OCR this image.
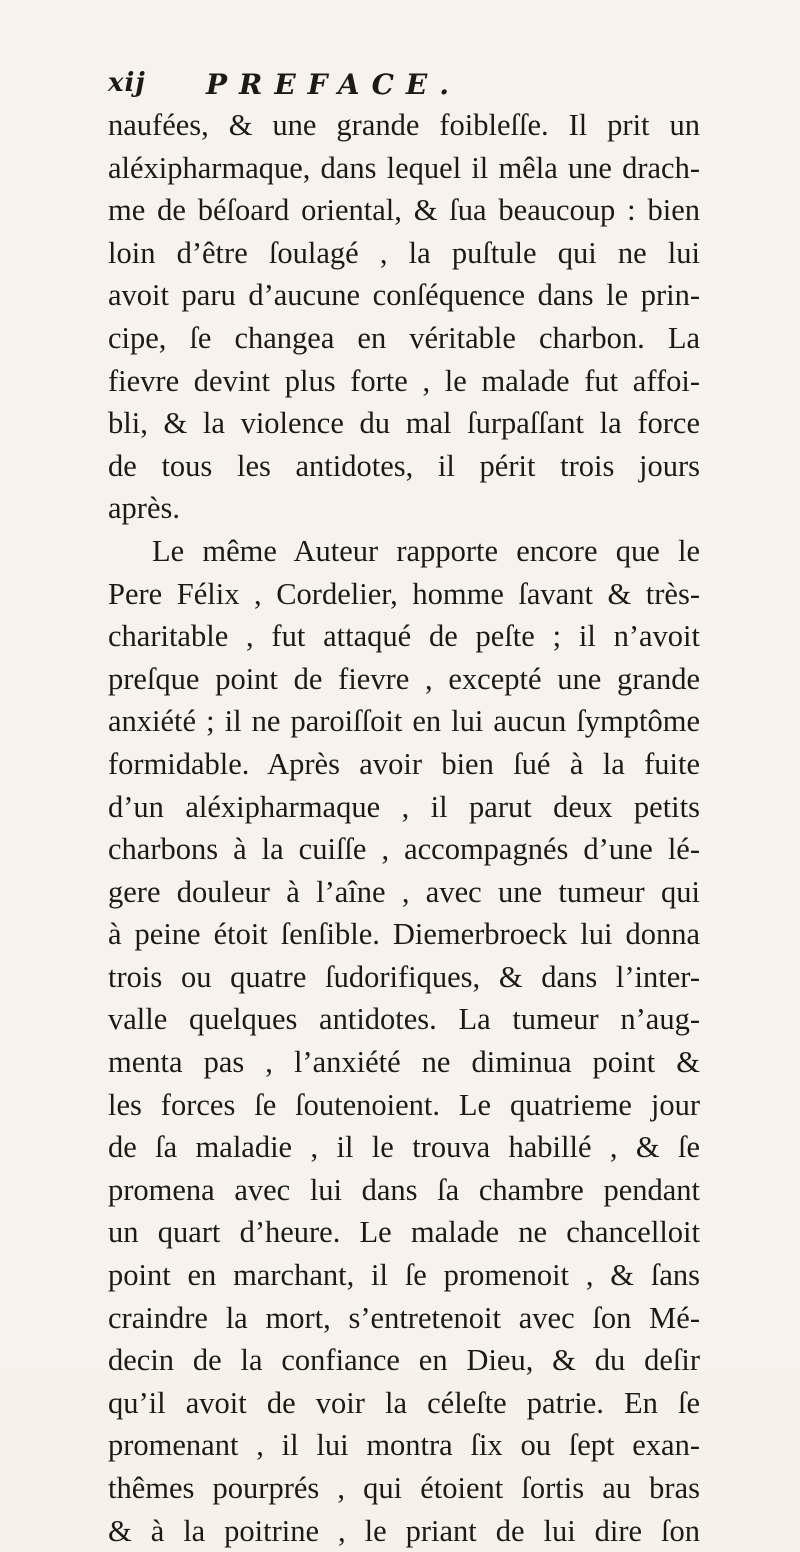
xij PREFACE.
naufées, & une grande foibleſſe. Il prit un
aléxipharmaque, dans lequel il mêla une drach-
me de béſoard oriental, & ſua beaucoup : bien
loin d’être ſoulagé , la puſtule qui ne lui
avoit paru d’aucune conſéquence dans le prin-
cipe, ſe changea en véritable charbon. La
fievre devint plus forte , le malade fut affoi-
bli, & la violence du mal ſurpaſſant la force
de tous les antidotes, il périt trois jours
après.
Le même Auteur rapporte encore que le
Pere Félix , Cordelier, homme ſavant & très-
charitable , fut attaqué de peſte ; il n’avoit
preſque point de fievre , excepté une grande
anxiété ; il ne paroiſſoit en lui aucun ſymptôme
formidable. Après avoir bien ſué à la fuite
d’un aléxipharmaque , il parut deux petits
charbons à la cuiſſe , accompagnés d’une lé-
gere douleur à l’aîne , avec une tumeur qui
à peine étoit ſenſible. Diemerbroeck lui donna
trois ou quatre ſudorifiques, & dans l’inter-
valle quelques antidotes. La tumeur n’aug-
menta pas , l’anxiété ne diminua point &
les forces ſe ſoutenoient. Le quatrieme jour
de ſa maladie , il le trouva habillé , & ſe
promena avec lui dans ſa chambre pendant
un quart d’heure. Le malade ne chancelloit
point en marchant, il ſe promenoit , & ſans
craindre la mort, s’entretenoit avec ſon Mé-
decin de la confiance en Dieu, & du deſir
qu’il avoit de voir la céleſte patrie. En ſe
promenant , il lui montra ſix ou ſept exan-
thêmes pourprés , qui étoient ſortis au bras
& à la poitrine , le priant de lui dire ſon
